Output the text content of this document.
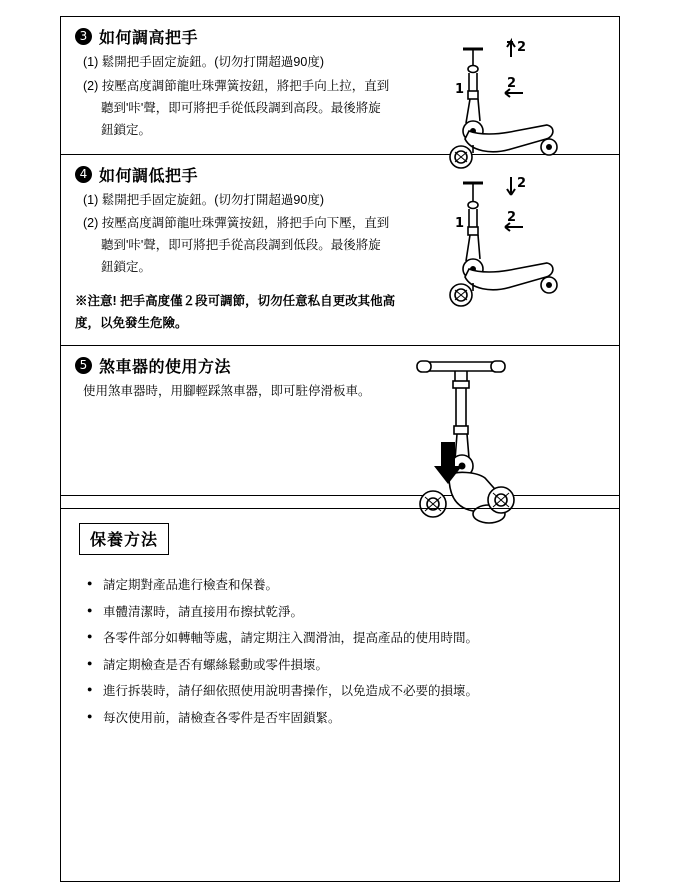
3 如何調高把手

(1) 鬆開把手固定旋鈕。(切勿打開超過90度)

(2) 按壓高度調節龍吐珠彈簧按鈕，將把手向上拉，直到聽到'咔'聲，即可將把手從低段調到高段。最後將旋鈕鎖定。

2
1	2
4 如何調低把手

(1) 鬆開把手固定旋鈕。(切勿打開超過90度)

(2) 按壓高度調節龍吐珠彈簧按鈕，將把手向下壓，直到聽到'咔'聲，即可將把手從高段調到低段。最後將旋鈕鎖定。

※注意! 把手高度僅２段可調節，切勿任意私自更改其他高度，以免發生危險。
2
1	2
5 煞車器的使用方法

使用煞車器時，用腳輕踩煞車器，即可駐停滑板車。

保養方法
● 請定期對產品進行檢查和保養。
● 車體清潔時，請直接用布擦拭乾淨。
● 各零件部分如轉軸等處，請定期注入潤滑油，提高產品的使用時間。
● 請定期檢查是否有螺絲鬆動或零件損壞。
● 進行拆裝時，請仔細依照使用說明書操作，以免造成不必要的損壞。
● 每次使用前，請檢查各零件是否牢固鎖緊。
